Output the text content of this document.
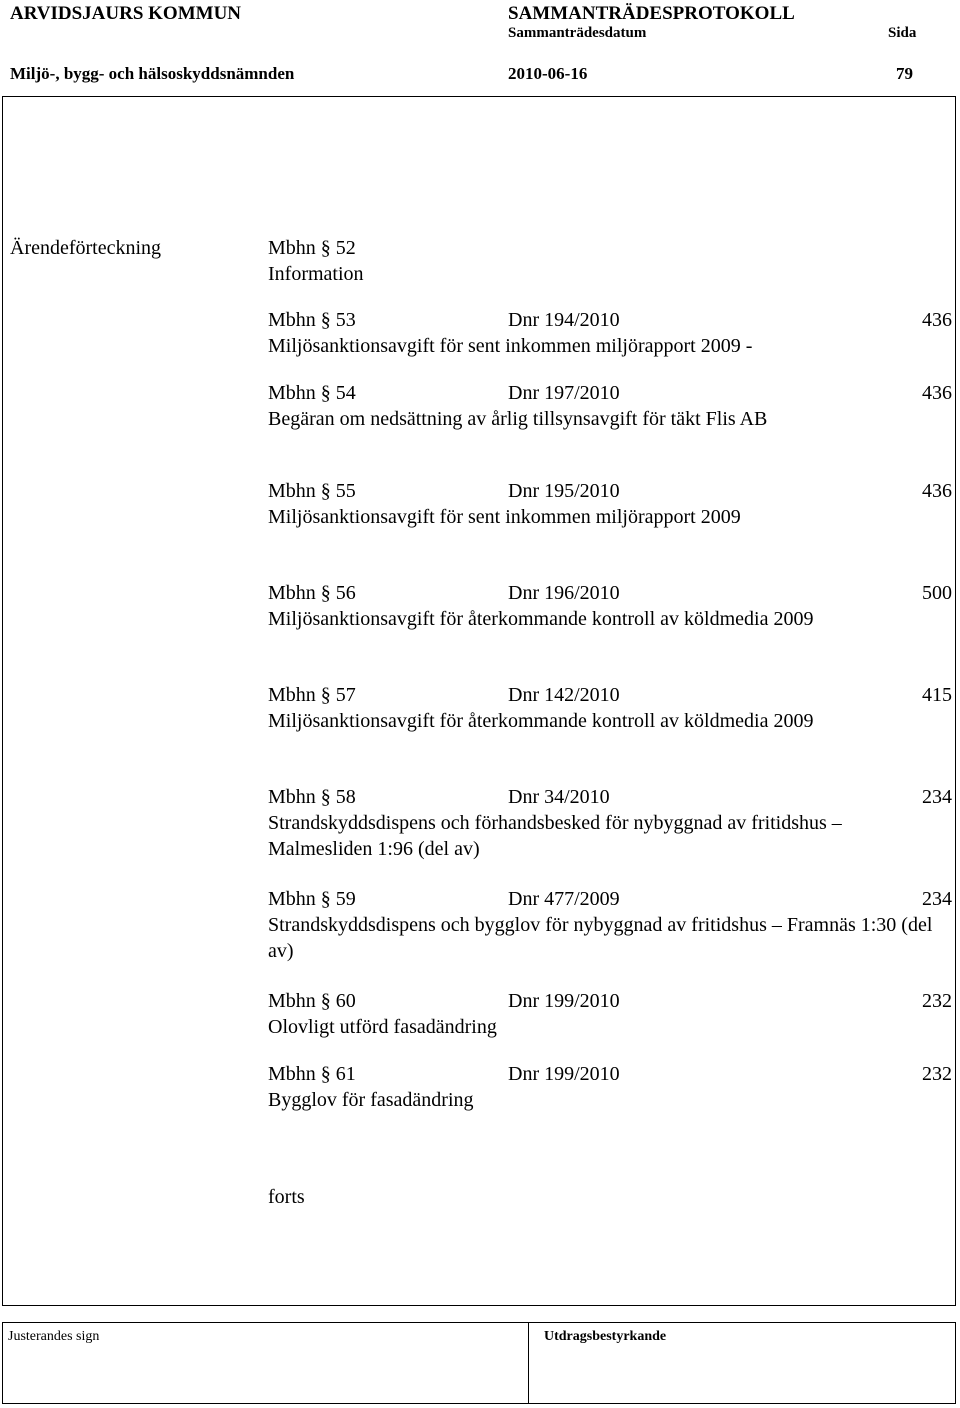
ARVIDSJAURS KOMMUN	SAMMANTRÄDESPROTOKOLL
Sammanträdesdatum	Sida
Miljö-, bygg- och hälsoskyddsnämnden	2010-06-16	79
Ärendeförteckning	Mbhn § 52
Information
Mbhn § 53	Dnr 194/2010	436
Miljösanktionsavgift för sent inkommen miljörapport 2009 -
Mbhn § 54	Dnr 197/2010	436
Begäran om nedsättning av årlig tillsynsavgift för täkt Flis AB
Mbhn § 55	Dnr 195/2010	436
Miljösanktionsavgift för sent inkommen miljörapport 2009
Mbhn § 56	Dnr 196/2010	500
Miljösanktionsavgift för återkommande kontroll av köldmedia 2009
Mbhn § 57	Dnr 142/2010	415
Miljösanktionsavgift för återkommande kontroll av köldmedia 2009
Mbhn § 58	Dnr 34/2010	234
Strandskyddsdispens och förhandsbesked för nybyggnad av fritidshus – Malmesliden 1:96 (del av)
Mbhn § 59	Dnr 477/2009	234
Strandskyddsdispens och bygglov för nybyggnad av fritidshus – Framnäs 1:30 (del av)
Mbhn § 60	Dnr 199/2010	232
Olovligt utförd fasadändring
Mbhn § 61	Dnr 199/2010	232
Bygglov för fasadändring
forts
Justerandes sign	Utdragsbestyrkande
